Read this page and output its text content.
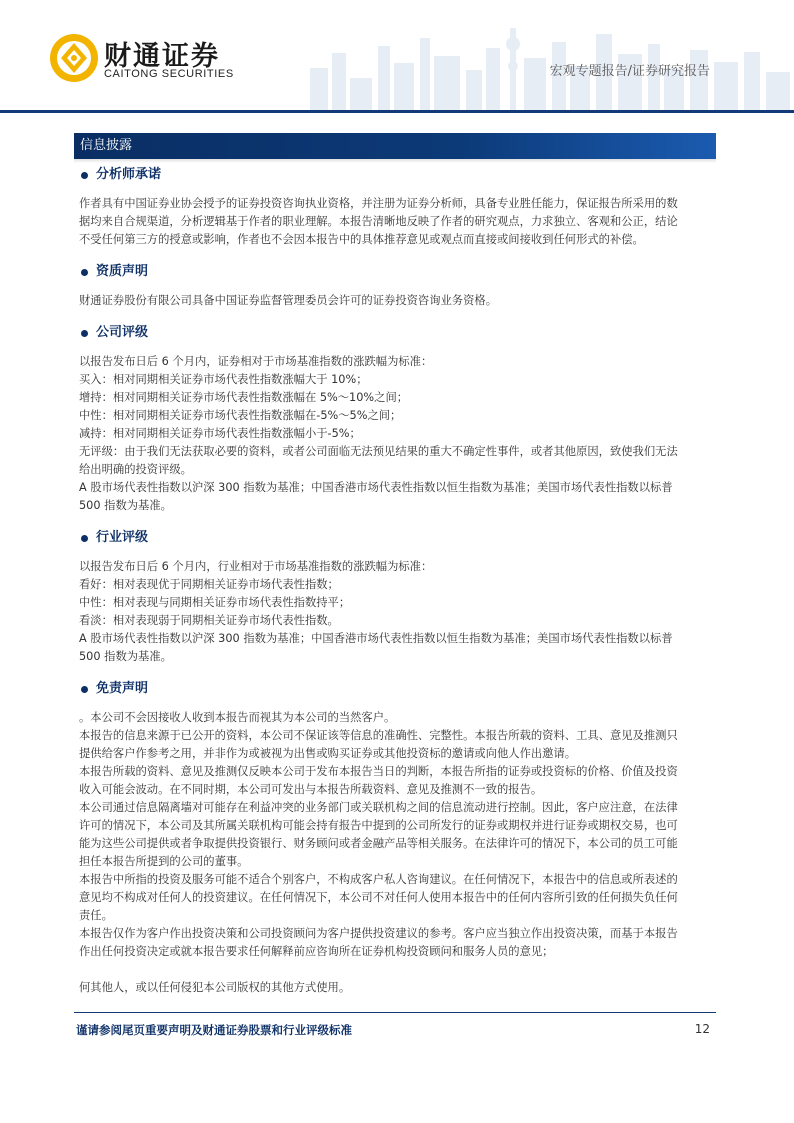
财通证券
CAITONG SECURITIES	宏观专题报告/证券研究报告
信息披露
分析师承诺

作者具有中国证券业协会授予的证券投资咨询执业资格，并注册为证券分析师，具备专业胜任能力，保证报告所采用的数

据均来自合规渠道，分析逻辑基于作者的职业理解。本报告清晰地反映了作者的研究观点，力求独立、客观和公正，结论

不受任何第三方的授意或影响，作者也不会因本报告中的具体推荐意见或观点而直接或间接收到任何形式的补偿。

资质声明

财通证券股份有限公司具备中国证券监督管理委员会许可的证券投资咨询业务资格。

公司评级

以报告发布日后 6 个月内，证券相对于市场基准指数的涨跌幅为标准：

买入：相对同期相关证券市场代表性指数涨幅大于 10%；

增持：相对同期相关证券市场代表性指数涨幅在 5%～10%之间；

中性：相对同期相关证券市场代表性指数涨幅在-5%～5%之间；

减持：相对同期相关证券市场代表性指数涨幅小于-5%；

无评级：由于我们无法获取必要的资料，或者公司面临无法预见结果的重大不确定性事件，或者其他原因，致使我们无法

给出明确的投资评级。

A 股市场代表性指数以沪深 300 指数为基准；中国香港市场代表性指数以恒生指数为基准；美国市场代表性指数以标普

500 指数为基准。

行业评级

以报告发布日后 6 个月内，行业相对于市场基准指数的涨跌幅为标准：

看好：相对表现优于同期相关证券市场代表性指数；

中性：相对表现与同期相关证券市场代表性指数持平；

看淡：相对表现弱于同期相关证券市场代表性指数。

A 股市场代表性指数以沪深 300 指数为基准；中国香港市场代表性指数以恒生指数为基准；美国市场代表性指数以标普

500 指数为基准。

免责声明

。本公司不会因接收人收到本报告而视其为本公司的当然客户。

本报告的信息来源于已公开的资料，本公司不保证该等信息的准确性、完整性。本报告所载的资料、工具、意见及推测只

提供给客户作参考之用，并非作为或被视为出售或购买证券或其他投资标的邀请或向他人作出邀请。

本报告所载的资料、意见及推测仅反映本公司于发布本报告当日的判断，本报告所指的证券或投资标的价格、价值及投资

收入可能会波动。在不同时期，本公司可发出与本报告所载资料、意见及推测不一致的报告。

本公司通过信息隔离墙对可能存在利益冲突的业务部门或关联机构之间的信息流动进行控制。因此，客户应注意，在法律

许可的情况下，本公司及其所属关联机构可能会持有报告中提到的公司所发行的证券或期权并进行证券或期权交易，也可

能为这些公司提供或者争取提供投资银行、财务顾问或者金融产品等相关服务。在法律许可的情况下，本公司的员工可能

担任本报告所提到的公司的董事。

本报告中所指的投资及服务可能不适合个别客户，不构成客户私人咨询建议。在任何情况下，本报告中的信息或所表述的

意见均不构成对任何人的投资建议。在任何情况下，本公司不对任何人使用本报告中的任何内容所引致的任何损失负任何

责任。

本报告仅作为客户作出投资决策和公司投资顾问为客户提供投资建议的参考。客户应当独立作出投资决策，而基于本报告

作出任何投资决定或就本报告要求任何解释前应咨询所在证券机构投资顾问和服务人员的意见；

何其他人，或以任何侵犯本公司版权的其他方式使用。

谨请参阅尾页重要声明及财通证券股票和行业评级标准	12
